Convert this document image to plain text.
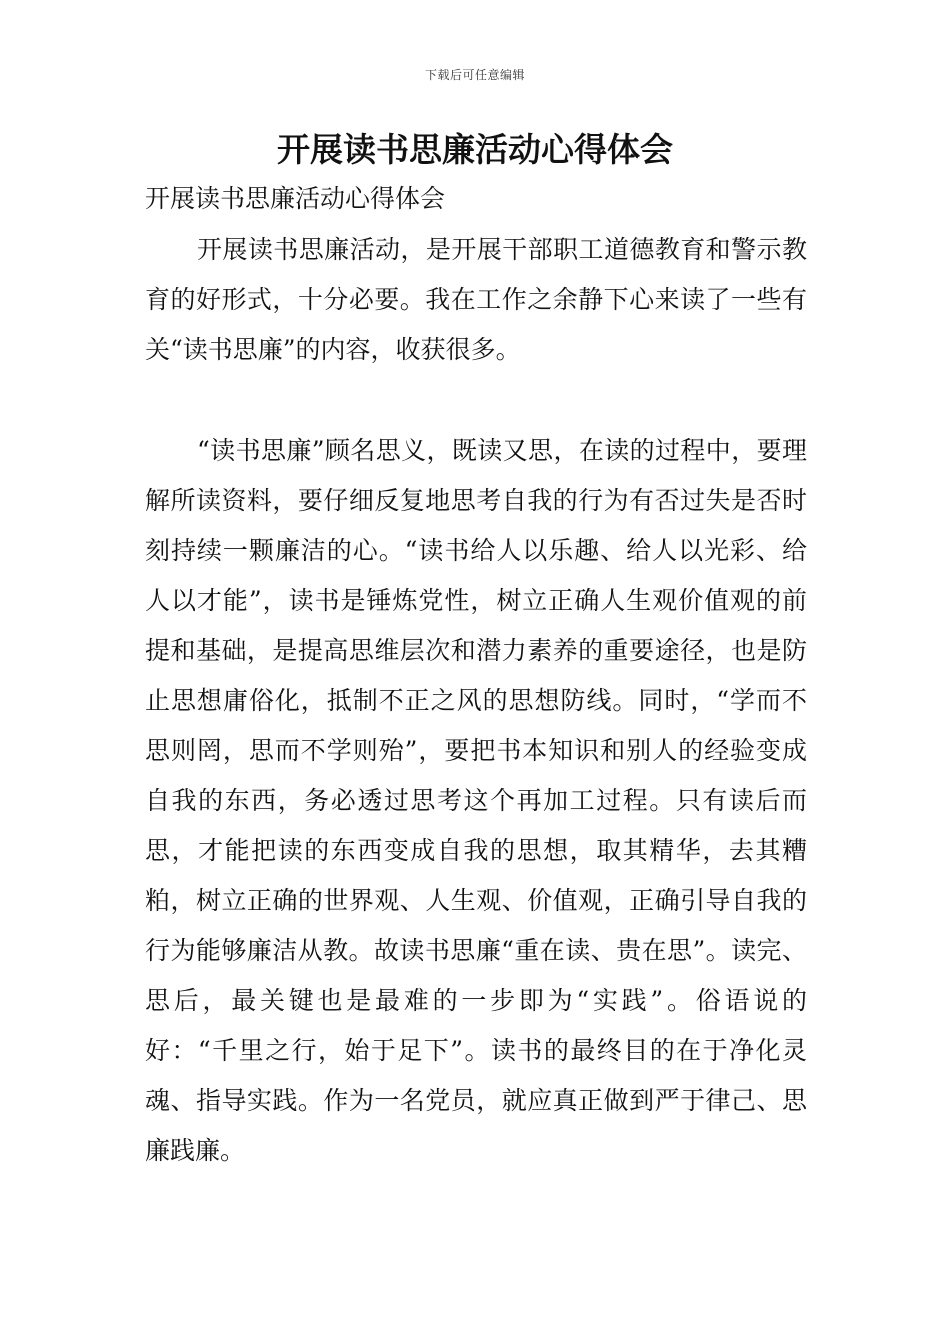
下载后可任意编辑
开展读书思廉活动心得体会

开展读书思廉活动心得体会

开展读书思廉活动，是开展干部职工道德教育和警示教育的好形式，十分必要。我在工作之余静下心来读了一些有关“读书思廉”的内容，收获很多。

“读书思廉”顾名思义，既读又思，在读的过程中，要理解所读资料，要仔细反复地思考自我的行为有否过失是否时刻持续一颗廉洁的心。“读书给人以乐趣、给人以光彩、给人以才能”，读书是锤炼党性，树立正确人生观价值观的前提和基础，是提高思维层次和潜力素养的重要途径，也是防止思想庸俗化，抵制不正之风的思想防线。同时，“学而不思则罔，思而不学则殆”，要把书本知识和别人的经验变成自我的东西，务必透过思考这个再加工过程。只有读后而思，才能把读的东西变成自我的思想，取其精华，去其糟粕，树立正确的世界观、人生观、价值观，正确引导自我的行为能够廉洁从教。故读书思廉“重在读、贵在思”。读完、思后，最关键也是最难的一步即为“实践”。俗语说的好：“千里之行，始于足下”。读书的最终目的在于净化灵魂、指导实践。作为一名党员，就应真正做到严于律己、思廉践廉。
